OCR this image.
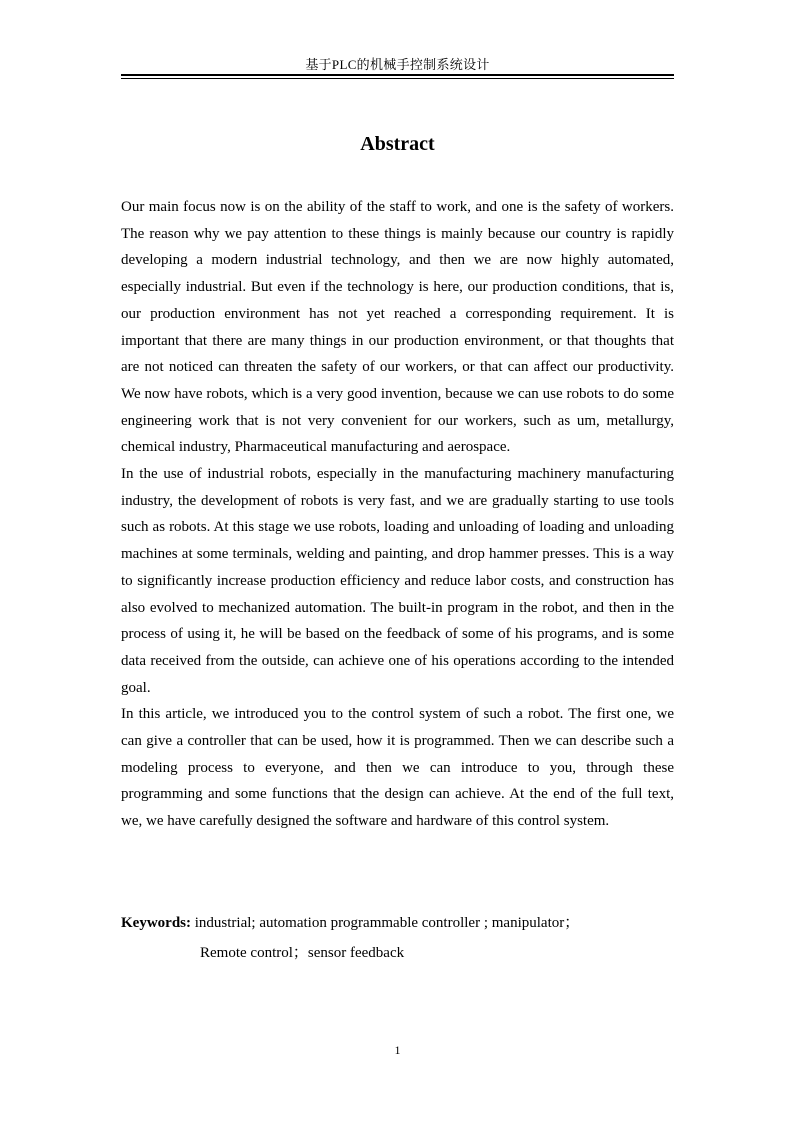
基于PLC的机械手控制系统设计
Abstract

Our main focus now is on the ability of the staff to work, and one is the safety of workers. The reason why we pay attention to these things is mainly because our country is rapidly developing a modern industrial technology, and then we are now highly automated, especially industrial. But even if the technology is here, our production conditions, that is, our production environment has not yet reached a corresponding requirement. It is important that there are many things in our production environment, or that thoughts that are not noticed can threaten the safety of our workers, or that can affect our productivity. We now have robots, which is a very good invention, because we can use robots to do some engineering work that is not very convenient for our workers, such as um, metallurgy, chemical industry, Pharmaceutical manufacturing and aerospace.

In the use of industrial robots, especially in the manufacturing machinery manufacturing industry, the development of robots is very fast, and we are gradually starting to use tools such as robots. At this stage we use robots, loading and unloading of loading and unloading machines at some terminals, welding and painting, and drop hammer presses. This is a way to significantly increase production efficiency and reduce labor costs, and construction has also evolved to mechanized automation. The built-in program in the robot, and then in the process of using it, he will be based on the feedback of some of his programs, and is some data received from the outside, can achieve one of his operations according to the intended goal.

In this article, we introduced you to the control system of such a robot. The first one, we can give a controller that can be used, how it is programmed. Then we can describe such a modeling process to everyone, and then we can introduce to you, through these programming and some functions that the design can achieve. At the end of the full text, we, we have carefully designed the software and hardware of this control system.

Keywords: industrial; automation programmable controller ; manipulator；
Remote control；sensor feedback
1
